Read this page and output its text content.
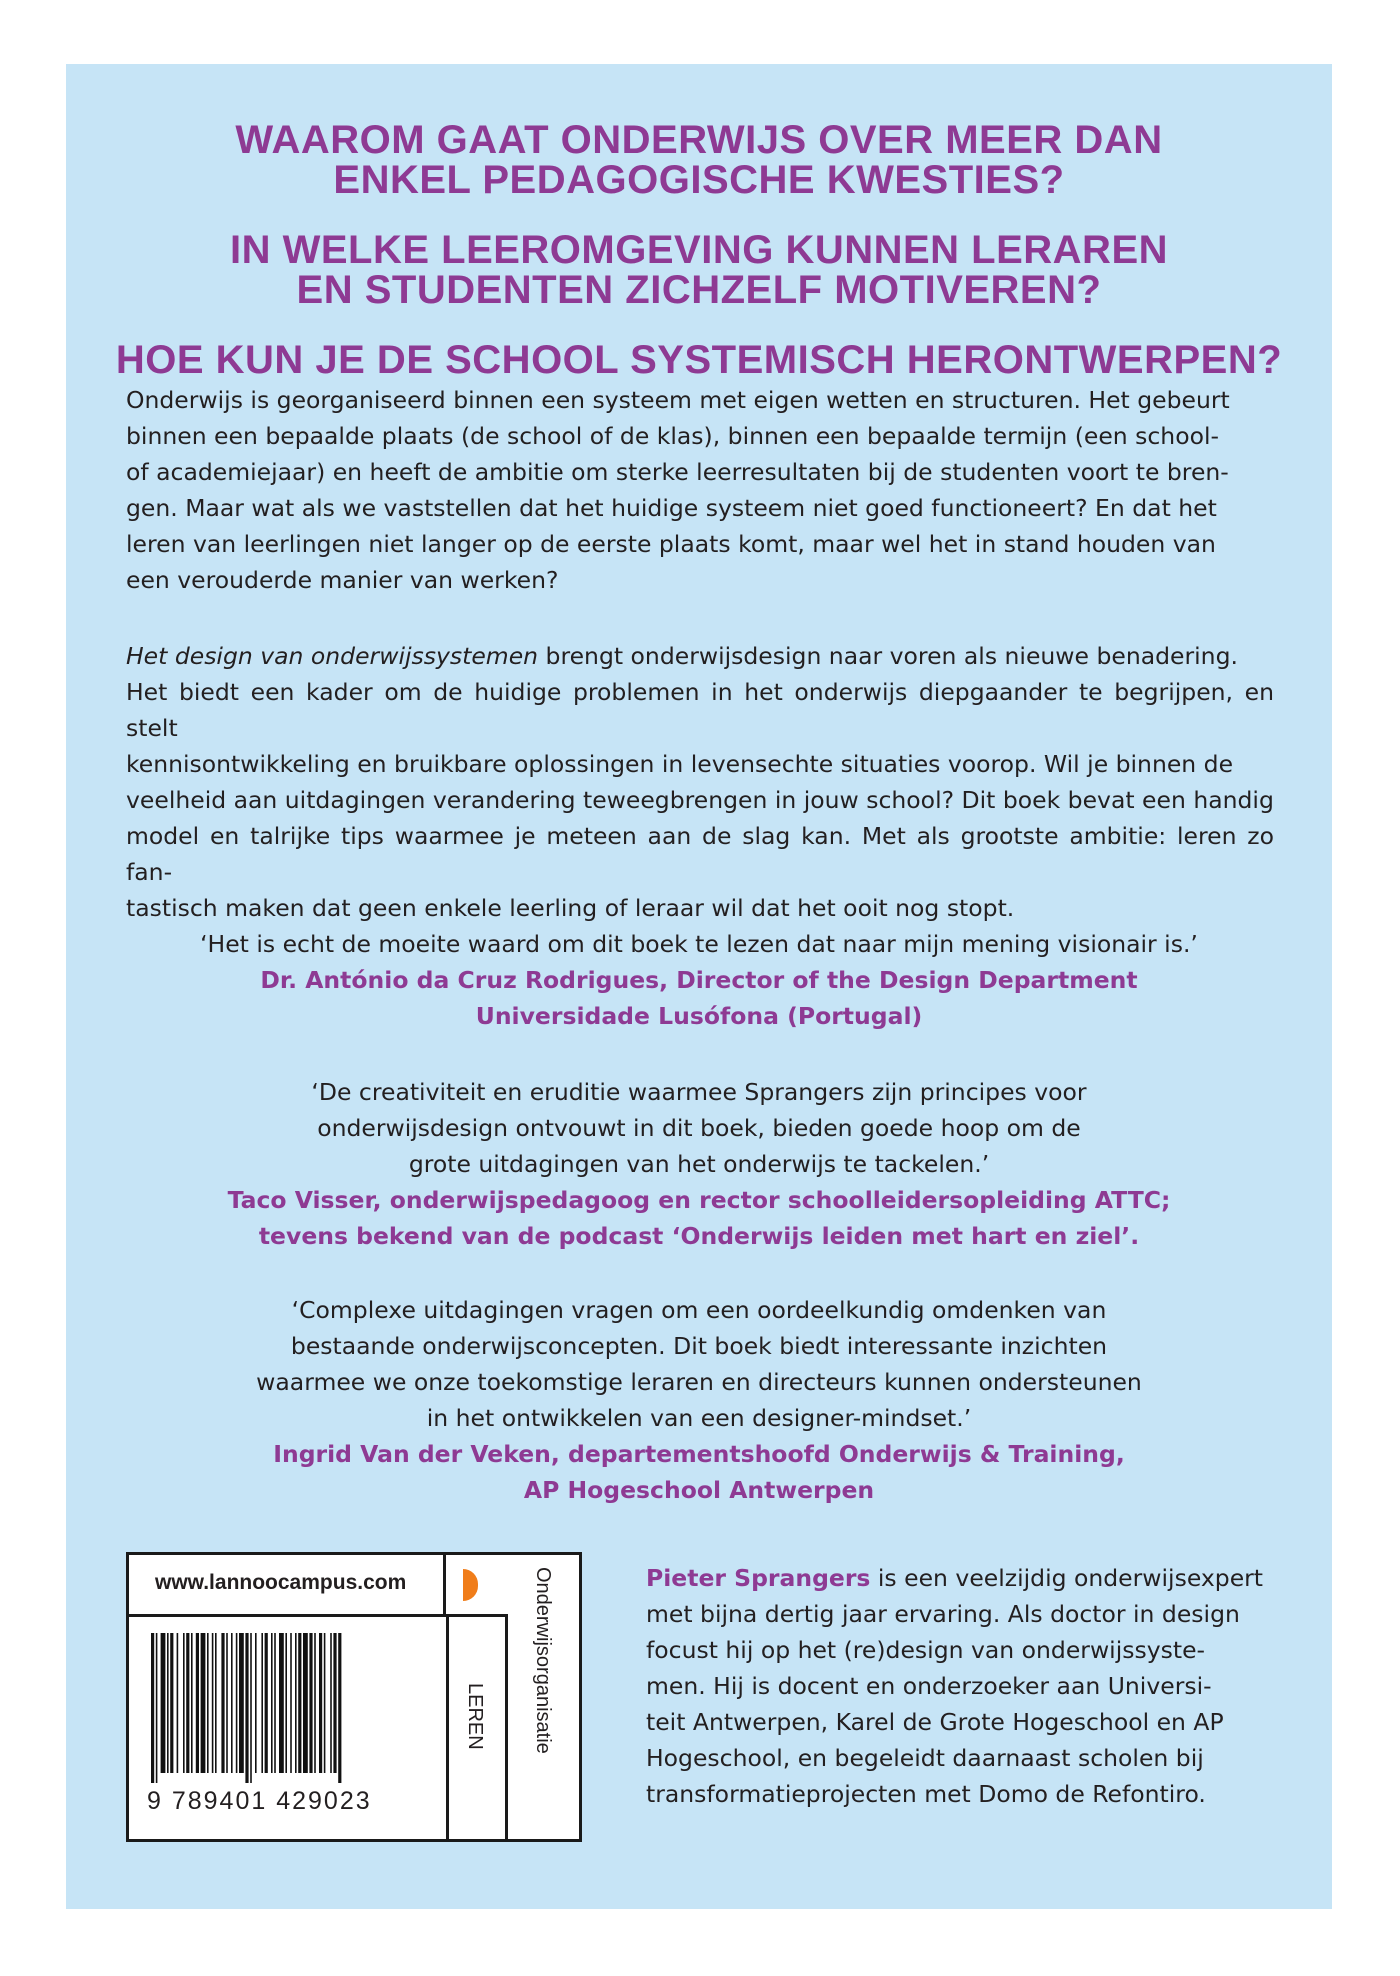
WAAROM GAAT ONDERWIJS OVER MEER DAN
ENKEL PEDAGOGISCHE KWESTIES?

IN WELKE LEEROMGEVING KUNNEN LERAREN
EN STUDENTEN ZICHZELF MOTIVEREN?

HOE KUN JE DE SCHOOL SYSTEMISCH HERONTWERPEN?

Onderwijs is georganiseerd binnen een systeem met eigen wetten en structuren. Het gebeurt
binnen een bepaalde plaats (de school of de klas), binnen een bepaalde termijn (een school-
of academiejaar) en heeft de ambitie om sterke leerresultaten bij de studenten voort te bren-
gen. Maar wat als we vaststellen dat het huidige systeem niet goed functioneert? En dat het
leren van leerlingen niet langer op de eerste plaats komt, maar wel het in stand houden van
een verouderde manier van werken?

Het design van onderwijssystemen brengt onderwijsdesign naar voren als nieuwe benadering.
Het biedt een kader om de huidige problemen in het onderwijs diepgaander te begrijpen, en stelt
kennisontwikkeling en bruikbare oplossingen in levensechte situaties voorop. Wil je binnen de
veelheid aan uitdagingen verandering teweegbrengen in jouw school? Dit boek bevat een handig
model en talrijke tips waarmee je meteen aan de slag kan. Met als grootste ambitie: leren zo fan-
tastisch maken dat geen enkele leerling of leraar wil dat het ooit nog stopt.

‘Het is echt de moeite waard om dit boek te lezen dat naar mijn mening visionair is.’
Dr. António da Cruz Rodrigues, Director of the Design Department
Universidade Lusófona (Portugal)
‘De creativiteit en eruditie waarmee Sprangers zijn principes voor
onderwijsdesign ontvouwt in dit boek, bieden goede hoop om de
grote uitdagingen van het onderwijs te tackelen.’
Taco Visser, onderwijspedagoog en rector schoolleidersopleiding ATTC;
tevens bekend van de podcast ‘Onderwijs leiden met hart en ziel’.
‘Complexe uitdagingen vragen om een oordeelkundig omdenken van
bestaande onderwijsconcepten. Dit boek biedt interessante inzichten
waarmee we onze toekomstige leraren en directeurs kunnen ondersteunen
in het ontwikkelen van een designer-mindset.’
Ingrid Van der Veken, departementshoofd Onderwijs & Training,
AP Hogeschool Antwerpen
www.lannoocampus.com
LEREN Onderwijsorganisatie
9 789401 429023

Pieter Sprangers is een veelzijdig onderwijsexpert
met bijna dertig jaar ervaring. Als doctor in design
focust hij op het (re)design van onderwijssyste-
men. Hij is docent en onderzoeker aan Universi-
teit Antwerpen, Karel de Grote Hogeschool en AP
Hogeschool, en begeleidt daarnaast scholen bij
transformatieprojecten met Domo de Refontiro.
